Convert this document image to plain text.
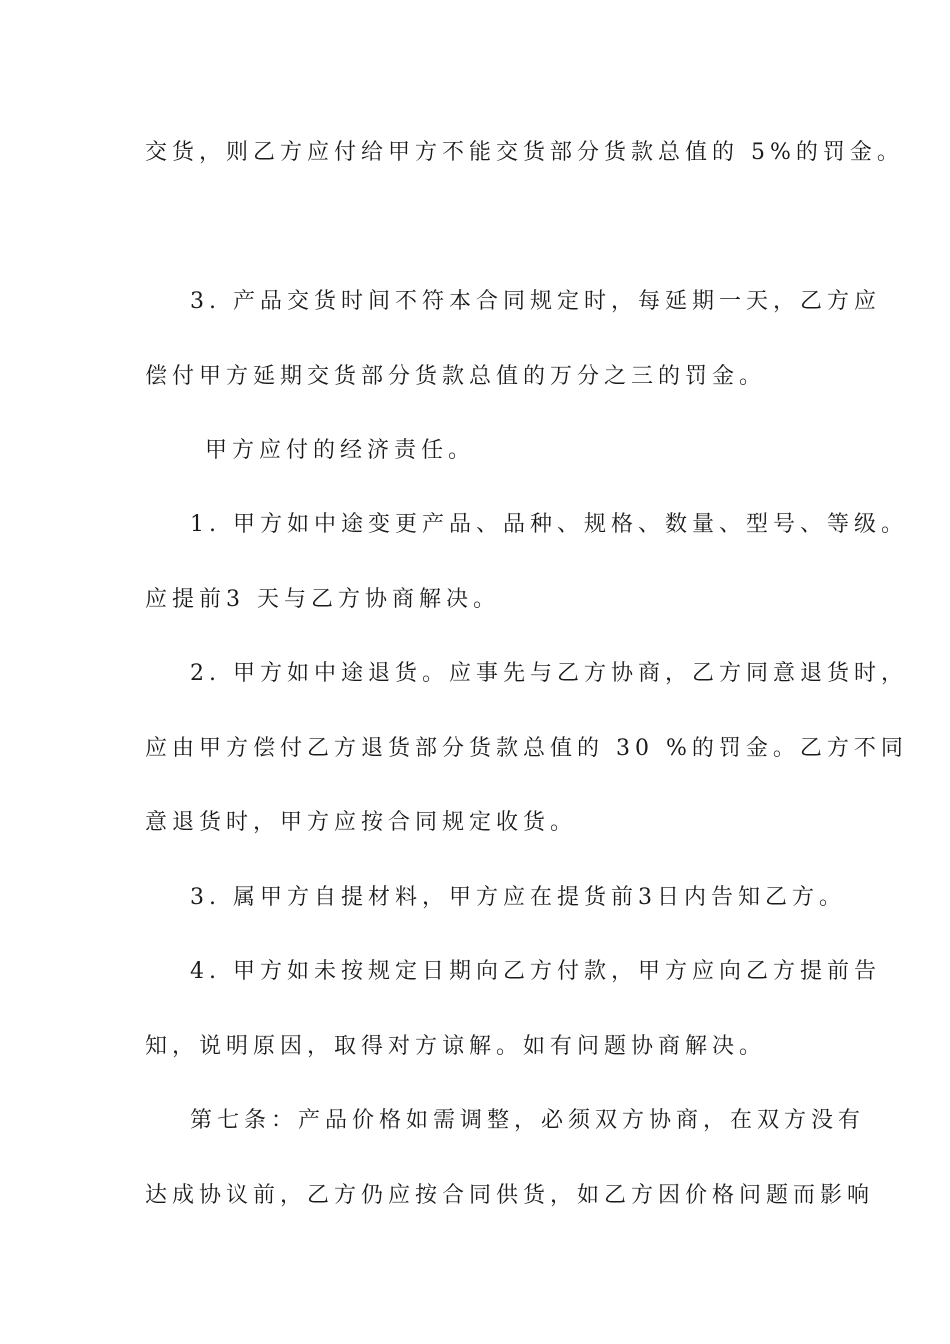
交货，则乙方应付给甲方不能交货部分货款总值的 5%的罚金。
3. 产品交货时间不符本合同规定时，每延期一天，乙方应
偿付甲方延期交货部分货款总值的万分之三的罚金。
甲方应付的经济责任。
1. 甲方如中途变更产品、品种、规格、数量、型号、等级。
应提前3 天与乙方协商解决。
2. 甲方如中途退货。应事先与乙方协商，乙方同意退货时，
应由甲方偿付乙方退货部分货款总值的 30 %的罚金。乙方不同
意退货时，甲方应按合同规定收货。
3. 属甲方自提材料，甲方应在提货前3日内告知乙方。
4. 甲方如未按规定日期向乙方付款，甲方应向乙方提前告
知，说明原因，取得对方谅解。如有问题协商解决。
第七条：产品价格如需调整，必须双方协商，在双方没有
达成协议前，乙方仍应按合同供货，如乙方因价格问题而影响
